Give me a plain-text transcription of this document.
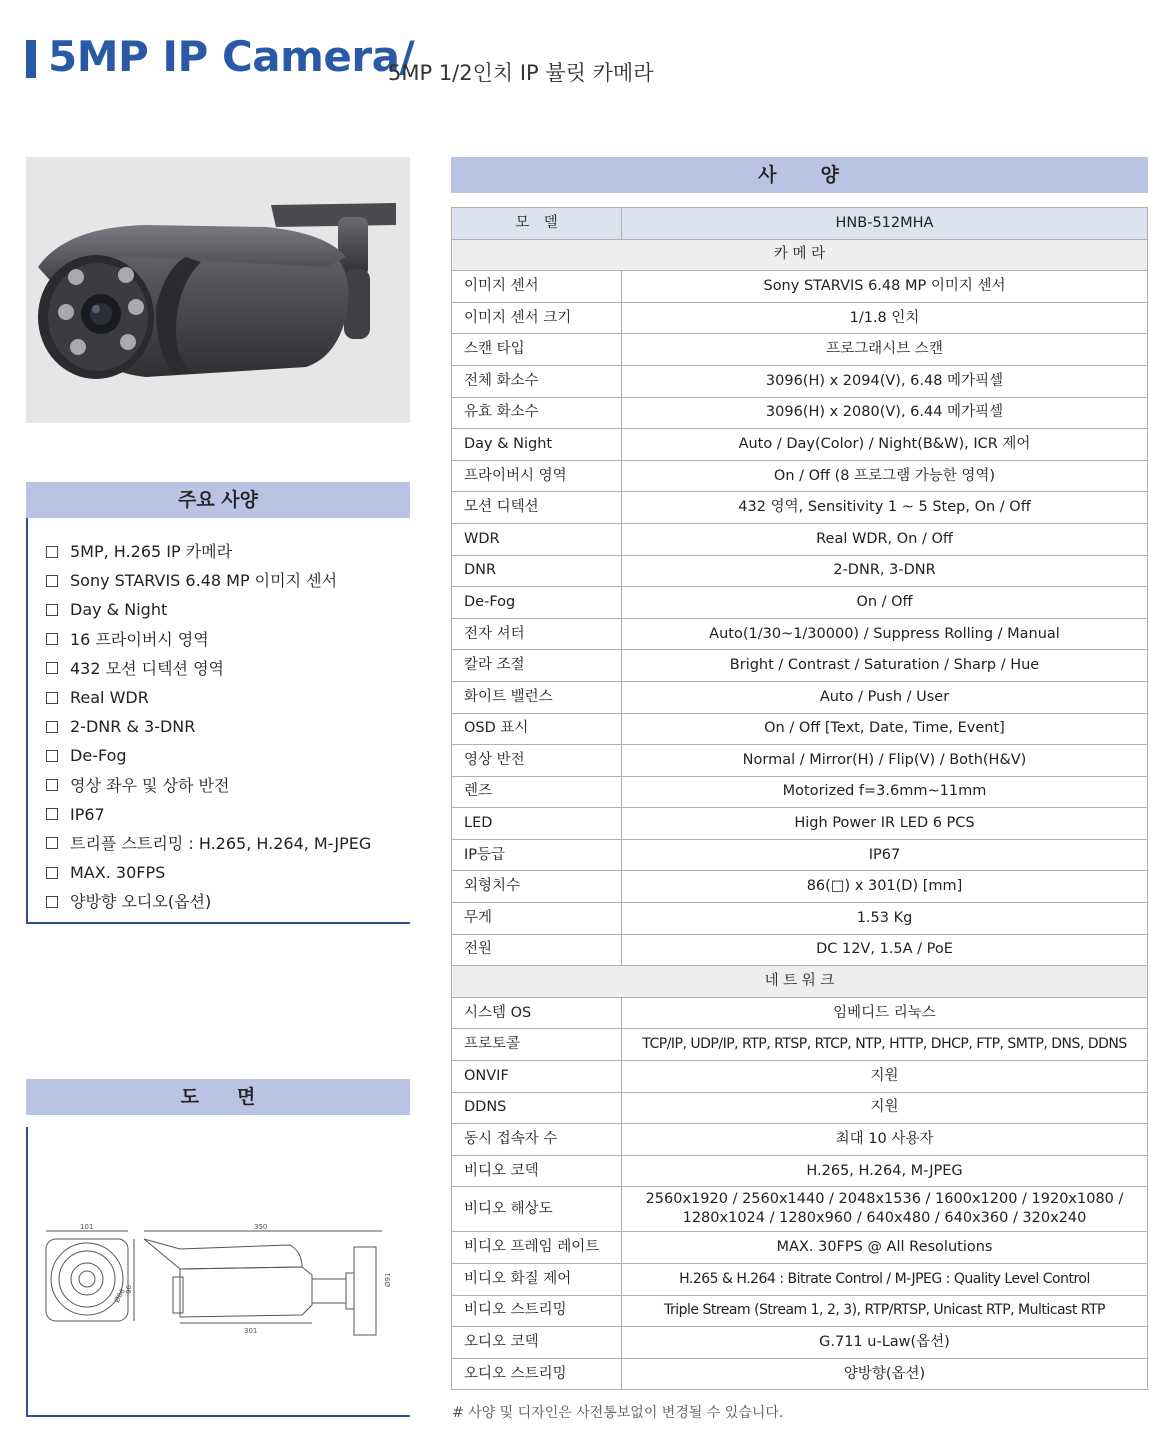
5MP IP Camera/
5MP 1/2인치 IP 뷸릿 카메라
주요 사양
5MP, H.265 IP 카메라
Sony STARVIS 6.48 MP 이미지 센서
Day & Night
16 프라이버시 영역
432 모션 디텍션 영역
Real WDR
2-DNR & 3-DNR
De-Fog
영상 좌우 및 상하 반전
IP67
트리플 스트리밍 : H.265, H.264, M-JPEG
MAX. 30FPS
양방향 오디오(옵션)
도　　면
101
96
Ø86
350
301
Ø91
사　　양
모　델	HNB-512MHA
카 메 라	
이미지 센서	Sony STARVIS 6.48 MP 이미지 센서
이미지 센서 크기	1/1.8 인치
스캔 타입	프로그래시브 스캔
전체 화소수	3096(H) x 2094(V), 6.48 메가픽셀
유효 화소수	3096(H) x 2080(V), 6.44 메가픽셀
Day & Night	Auto / Day(Color) / Night(B&W), ICR 제어
프라이버시 영역	On / Off (8 프로그램 가능한 영역)
모션 디텍션	432 영역, Sensitivity 1 ~ 5 Step, On / Off
WDR	Real WDR, On / Off
DNR	2-DNR, 3-DNR
De-Fog	On / Off
전자 셔터	Auto(1/30~1/30000) / Suppress Rolling / Manual
칼라 조절	Bright / Contrast / Saturation / Sharp / Hue
화이트 밸런스	Auto / Push / User
OSD 표시	On / Off [Text, Date, Time, Event]
영상 반전	Normal / Mirror(H) / Flip(V) / Both(H&V)
렌즈	Motorized f=3.6mm~11mm
LED	High Power IR LED 6 PCS
IP등급	IP67
외형치수	86(□) x 301(D) [mm]
무게	1.53 Kg
전원	DC 12V, 1.5A / PoE
네 트 워 크	
시스템 OS	임베디드 리눅스
프로토콜	TCP/IP, UDP/IP, RTP, RTSP, RTCP, NTP, HTTP, DHCP, FTP, SMTP, DNS, DDNS
ONVIF	지원
DDNS	지원
동시 접속자 수	최대 10 사용자
비디오 코덱	H.265, H.264, M-JPEG
비디오 해상도	2560x1920 / 2560x1440 / 2048x1536 / 1600x1200 / 1920x1080 / 1280x1024 / 1280x960 / 640x480 / 640x360 / 320x240
비디오 프레임 레이트	MAX. 30FPS @ All Resolutions
비디오 화질 제어	H.265 & H.264 : Bitrate Control / M-JPEG : Quality Level Control
비디오 스트리밍	Triple Stream (Stream 1, 2, 3), RTP/RTSP, Unicast RTP, Multicast RTP
오디오 코덱	G.711 u-Law(옵션)
오디오 스트리밍	양방향(옵션)
# 사양 및 디자인은 사전통보없이 변경될 수 있습니다.
